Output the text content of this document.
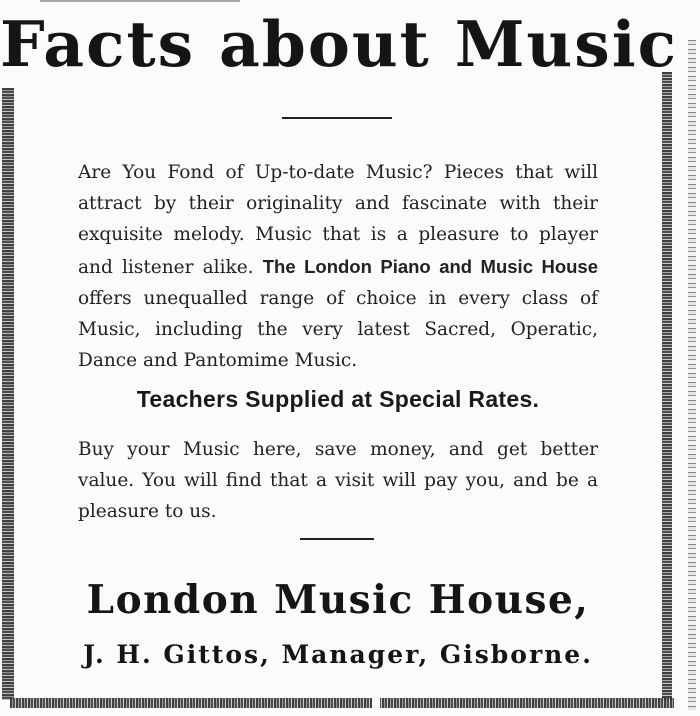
Facts about Music

Are You Fond of Up-to-date Music? Pieces that will attract by their originality and fascinate with their exquisite melody. Music that is a pleasure to player and listener alike. The London Piano and Music House offers unequalled range of choice in every class of Music, including the very latest Sacred, Operatic, Dance and Pantomime Music.

Teachers Supplied at Special Rates.

Buy your Music here, save money, and get better value. You will find that a visit will pay you, and be a pleasure to us.

London Music House,
J. H. Gittos, Manager, Gisborne.
